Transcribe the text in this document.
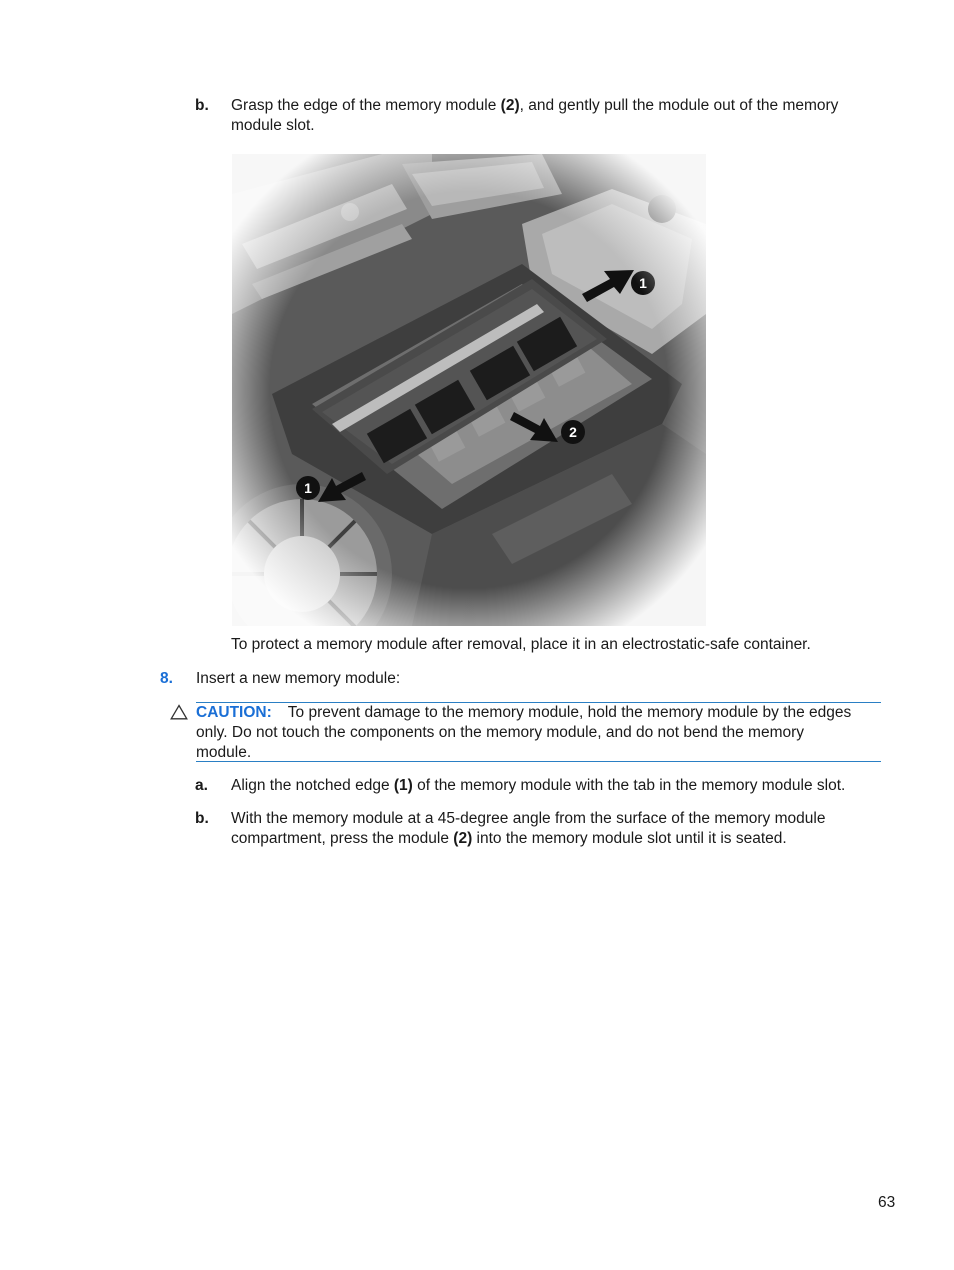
b. Grasp the edge of the memory module (2), and gently pull the module out of the memory
module slot.
To protect a memory module after removal, place it in an electrostatic-safe container.
8. Insert a new memory module:
CAUTION: To prevent damage to the memory module, hold the memory module by the edges
only. Do not touch the components on the memory module, and do not bend the memory
module.
a. Align the notched edge (1) of the memory module with the tab in the memory module slot.
b. With the memory module at a 45-degree angle from the surface of the memory module
compartment, press the module (2) into the memory module slot until it is seated.
63
